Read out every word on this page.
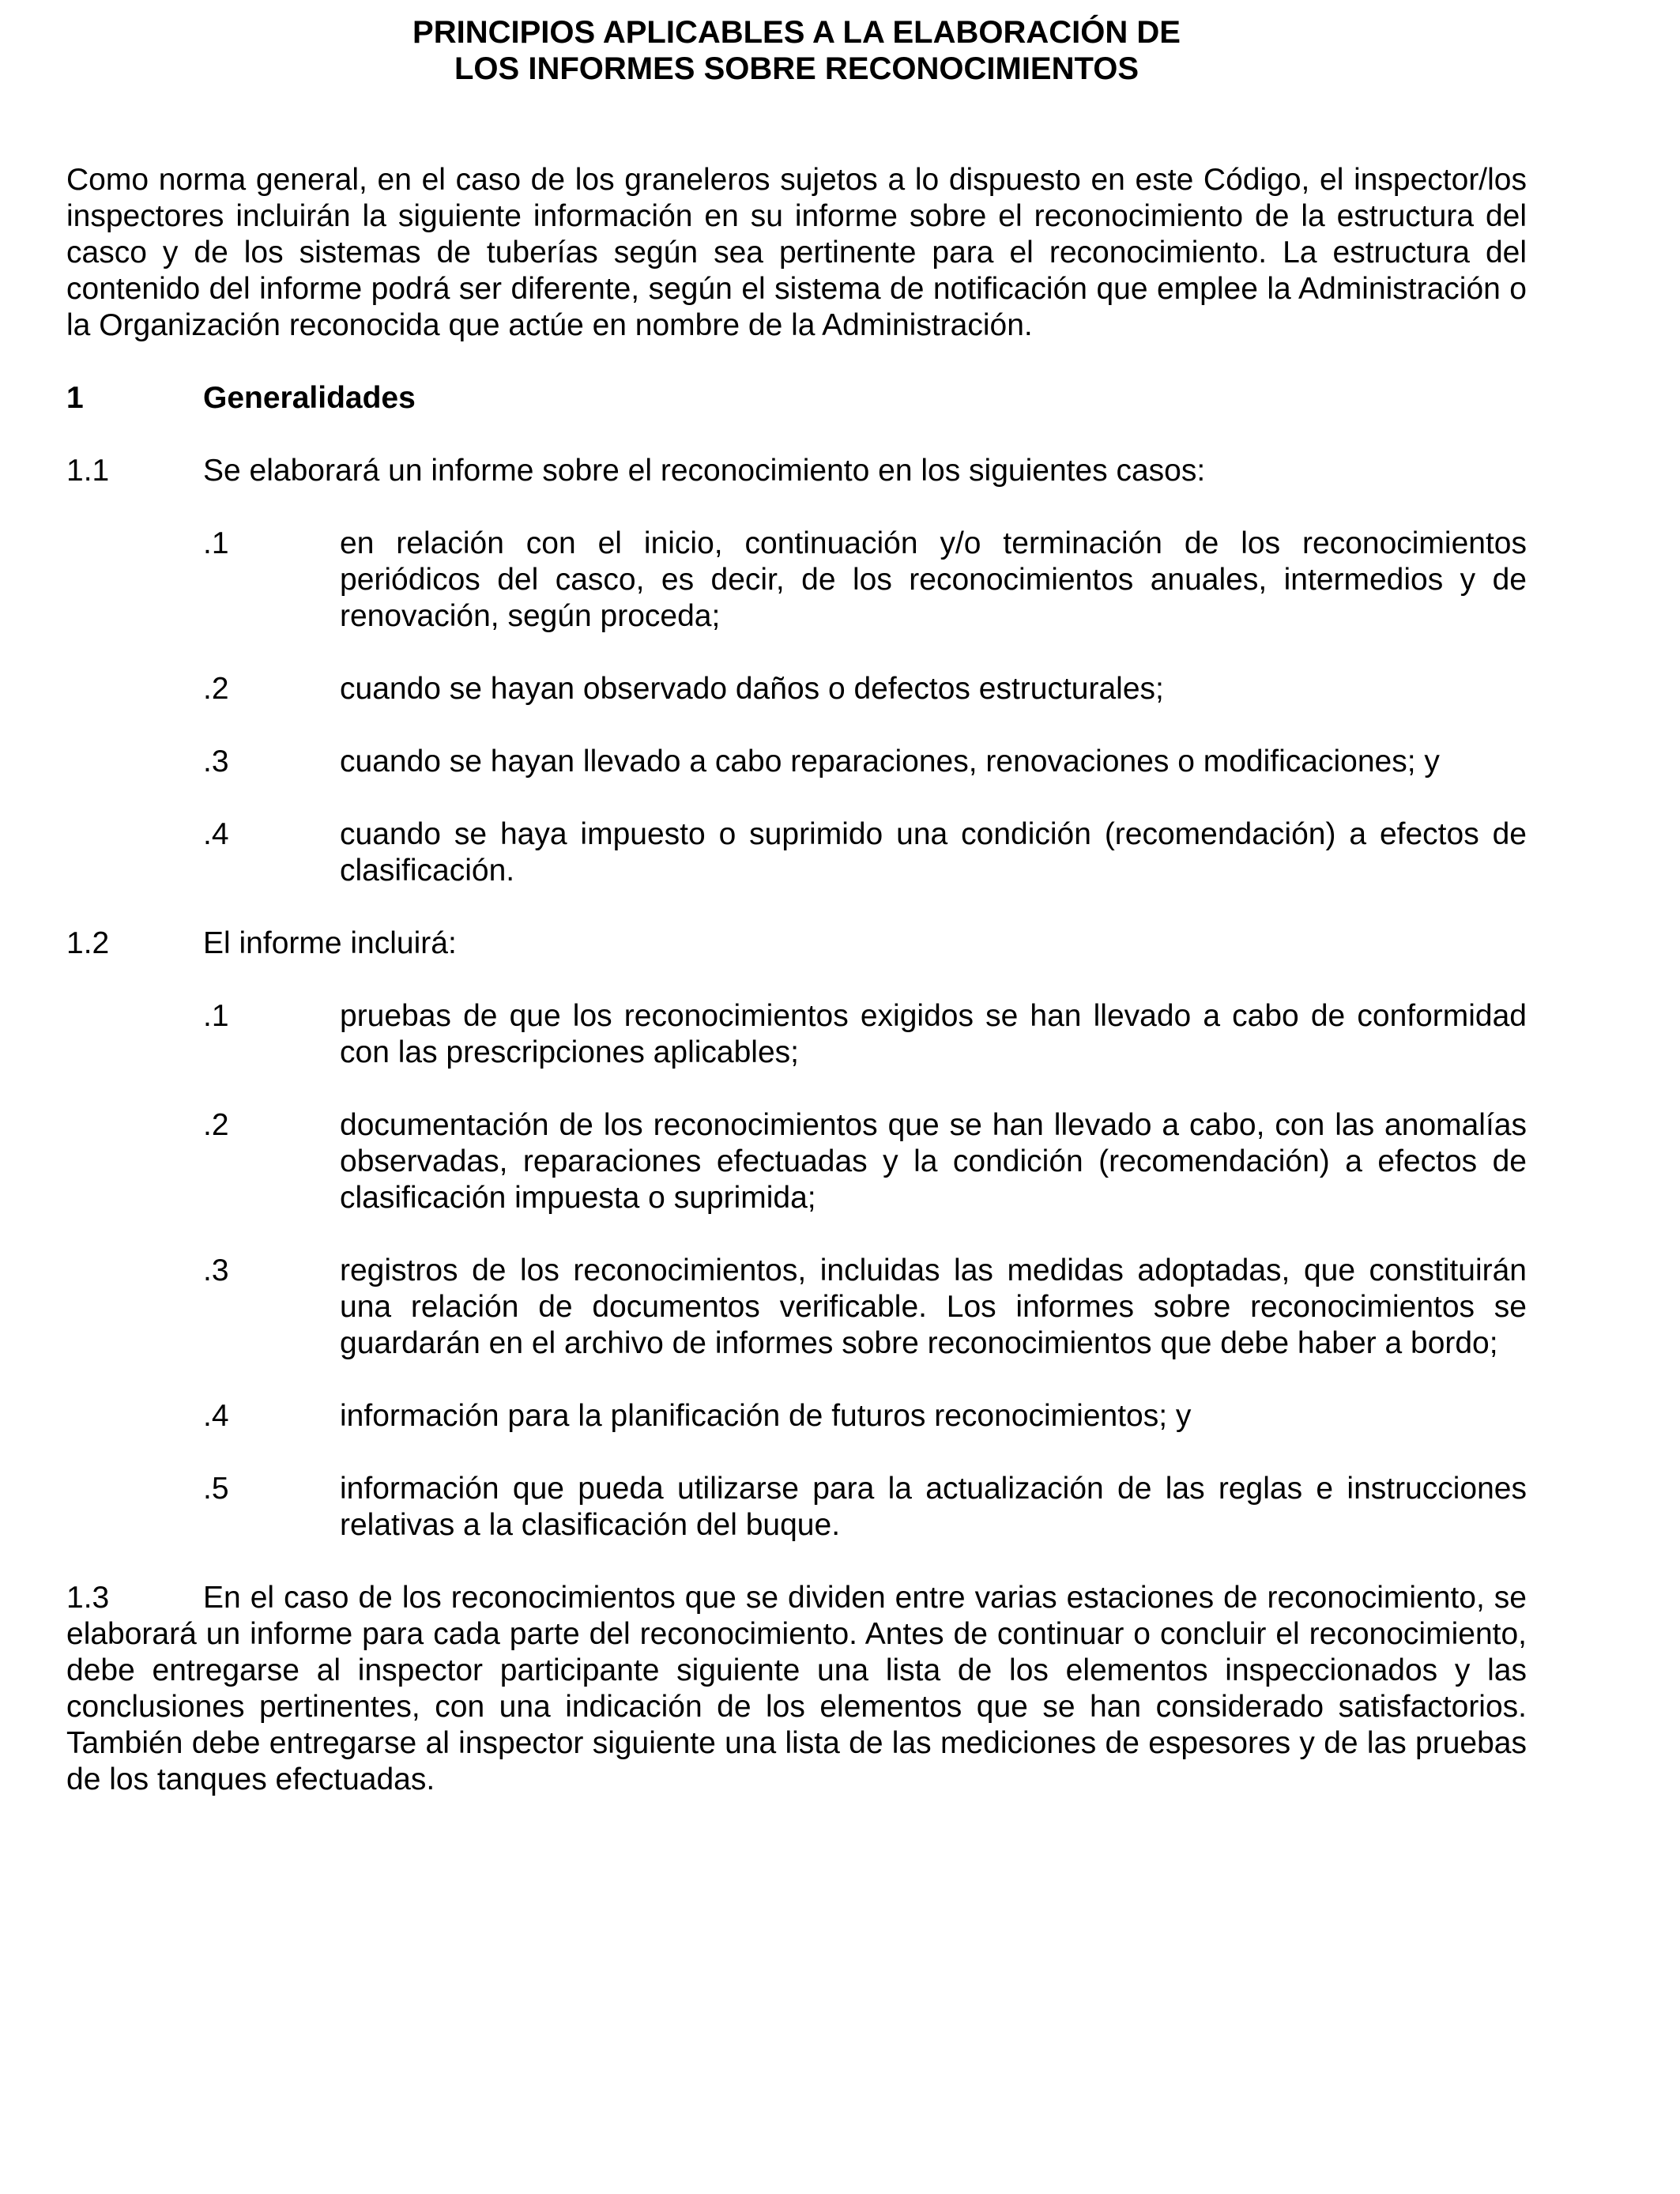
PRINCIPIOS APLICABLES A LA ELABORACIÓN DE
LOS INFORMES SOBRE RECONOCIMIENTOS

Como norma general, en el caso de los graneleros sujetos a lo dispuesto en este Código, el inspector/los inspectores incluirán la siguiente información en su informe sobre el reconocimiento de la estructura del casco y de los sistemas de tuberías según sea pertinente para el reconocimiento. La estructura del contenido del informe podrá ser diferente, según el sistema de notificación que emplee la Administración o la Organización reconocida que actúe en nombre de la Administración.

1	Generalidades
1.1	Se elaborará un informe sobre el reconocimiento en los siguientes casos:
.1	en relación con el inicio, continuación y/o terminación de los reconocimientos periódicos del casco, es decir, de los reconocimientos anuales, intermedios y de renovación, según proceda;
.2	cuando se hayan observado daños o defectos estructurales;
.3	cuando se hayan llevado a cabo reparaciones, renovaciones o modificaciones; y
.4	cuando se haya impuesto o suprimido una condición (recomendación) a efectos de clasificación.
1.2	El informe incluirá:
.1	pruebas de que los reconocimientos exigidos se han llevado a cabo de conformidad con las prescripciones aplicables;
.2	documentación de los reconocimientos que se han llevado a cabo, con las anomalías observadas, reparaciones efectuadas y la condición (recomendación) a efectos de clasificación impuesta o suprimida;
.3	registros de los reconocimientos, incluidas las medidas adoptadas, que constituirán una relación de documentos verificable. Los informes sobre reconocimientos se guardarán en el archivo de informes sobre reconocimientos que debe haber a bordo;
.4	información para la planificación de futuros reconocimientos; y
.5	información que pueda utilizarse para la actualización de las reglas e instrucciones relativas a la clasificación del buque.
1.3	En el caso de los reconocimientos que se dividen entre varias estaciones de reconocimiento, se elaborará un informe para cada parte del reconocimiento. Antes de continuar o concluir el reconocimiento, debe entregarse al inspector participante siguiente una lista de los elementos inspeccionados y las conclusiones pertinentes, con una indicación de los elementos que se han considerado satisfactorios. También debe entregarse al inspector siguiente una lista de las mediciones de espesores y de las pruebas de los tanques efectuadas.
